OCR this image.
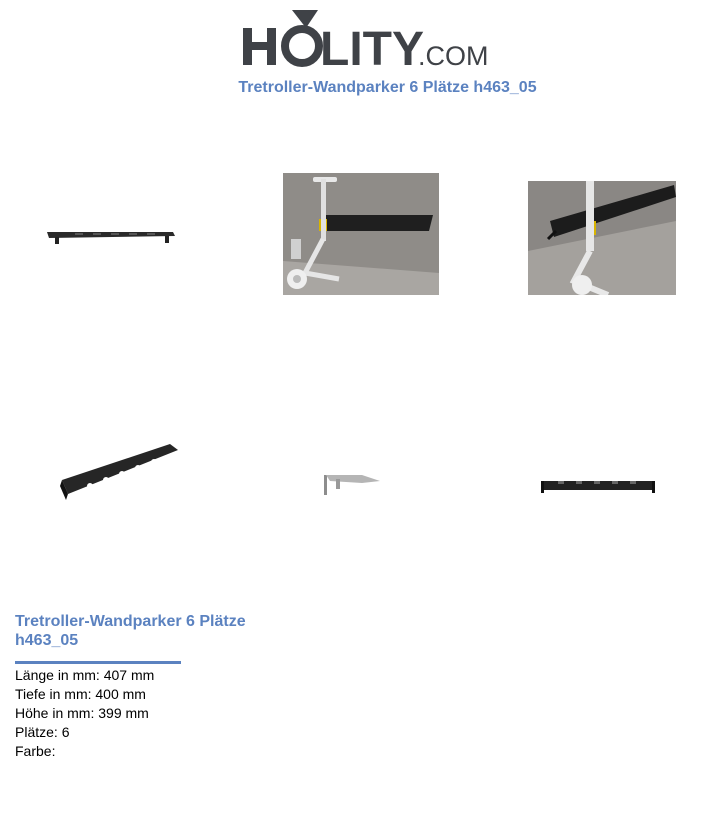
LITY
.COM
Tretroller-Wandparker 6 Plätze h463_05
Tretroller-Wandparker 6 Plätze h463_05
Länge in mm: 407 mm
Tiefe in mm: 400 mm
Höhe in mm: 399 mm
Plätze: 6
Farbe:
